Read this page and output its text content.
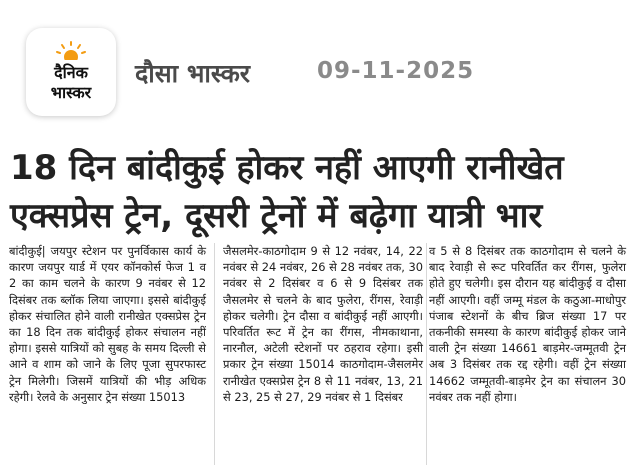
दैनिक
भास्कर
दौसा भास्कर	09-11-2025
18 दिन बांदीकुई होकर नहीं आएगी रानीखेत
एक्सप्रेस ट्रेन, दूसरी ट्रेनों में बढ़ेगा यात्री भार
बांदीकुई| जयपुर स्टेशन पर पुनर्विकास कार्य के कारण जयपुर यार्ड में एयर कॉनकोर्स फेज 1 व 2 का काम चलने के कारण 9 नवंबर से 12 दिसंबर तक ब्लॉक लिया जाएगा। इससे बांदीकुई होकर संचालित होने वाली रानीखेत एक्सप्रेस ट्रेन का 18 दिन तक बांदीकुई होकर संचालन नहीं होगा। इससे यात्रियों को सुबह के समय दिल्ली से आने व शाम को जाने के लिए पूजा सुपरफास्ट ट्रेन मिलेगी। जिसमें यात्रियों की भीड़ अधिक रहेगी। रेलवे के अनुसार ट्रेन संख्या 15013
जैसलमेर-काठगोदाम 9 से 12 नवंबर, 14, 22 नवंबर से 24 नवंबर, 26 से 28 नवंबर तक, 30 नवंबर से 2 दिसंबर व 6 से 9 दिसंबर तक जैसलमेर से चलने के बाद फुलेरा, रींगस, रेवाड़ी होकर चलेगी। ट्रेन दौसा व बांदीकुई नहीं आएगी। परिवर्तित रूट में ट्रेन का रींगस, नीमकाथाना, नारनौल, अटेली स्टेशनों पर ठहराव रहेगा। इसी प्रकार ट्रेन संख्या 15014 काठगोदाम-जैसलमेर रानीखेत एक्सप्रेस ट्रेन 8 से 11 नवंबर, 13, 21 से 23, 25 से 27, 29 नवंबर से 1 दिसंबर
व 5 से 8 दिसंबर तक काठगोदाम से चलने के बाद रेवाड़ी से रूट परिवर्तित कर रींगस, फुलेरा होते हुए चलेगी। इस दौरान यह बांदीकुई व दौसा नहीं आएगी। वहीं जम्मू मंडल के कठुआ-माधोपुर पंजाब स्टेशनों के बीच ब्रिज संख्या 17 पर तकनीकी समस्या के कारण बांदीकुई होकर जाने वाली ट्रेन संख्या 14661 बाड़मेर-जम्मूतवी ट्रेन अब 3 दिसंबर तक रद्द रहेगी। वहीं ट्रेन संख्या 14662 जम्मूतवी-बाड़मेर ट्रेन का संचालन 30 नवंबर तक नहीं होगा।
